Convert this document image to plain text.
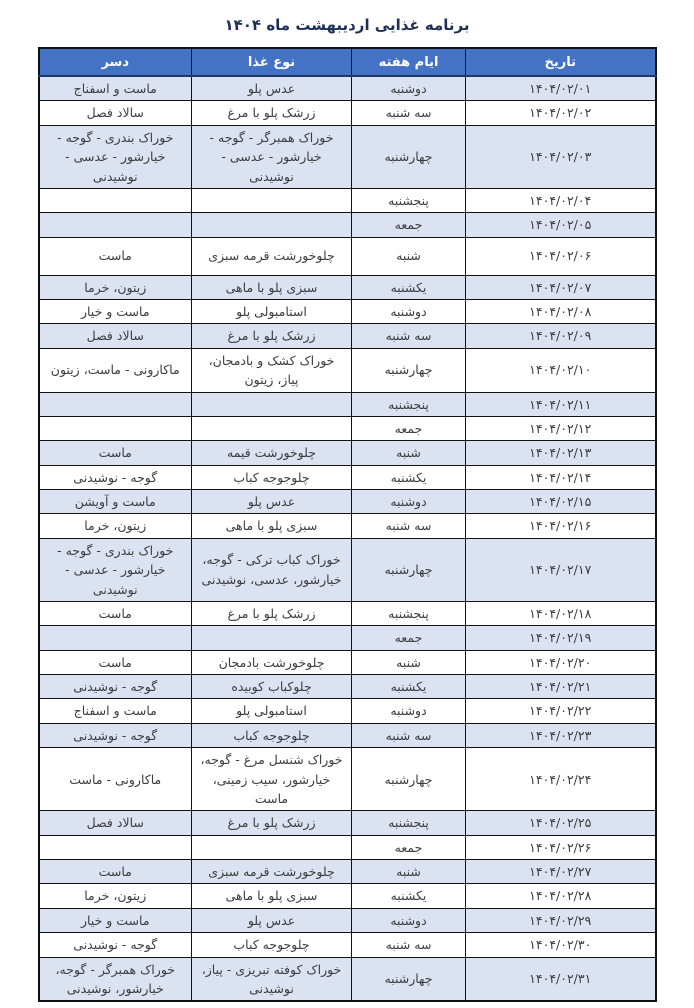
برنامه غذایی اردیبهشت ماه ۱۴۰۴
تاریخ	ایام هفته	نوع غذا	دسر
۱۴۰۴/۰۲/۰۱	دوشنبه	عدس پلو	ماست و اسفناج
۱۴۰۴/۰۲/۰۲	سه شنبه	زرشک پلو با مرغ	سالاد فصل
۱۴۰۴/۰۲/۰۳	چهارشنبه	خوراک همبرگر - گوجه - خیارشور - عدسی - نوشیدنی	خوراک بندری - گوجه - خیارشور - عدسی - نوشیدنی
۱۴۰۴/۰۲/۰۴	پنجشنبه		
۱۴۰۴/۰۲/۰۵	جمعه		
۱۴۰۴/۰۲/۰۶	شنبه	چلوخورشت قرمه سبزی	ماست
۱۴۰۴/۰۲/۰۷	یکشنبه	سبزی پلو با ماهی	زیتون، خرما
۱۴۰۴/۰۲/۰۸	دوشنبه	استامبولی پلو	ماست و خیار
۱۴۰۴/۰۲/۰۹	سه شنبه	زرشک پلو با مرغ	سالاد فصل
۱۴۰۴/۰۲/۱۰	چهارشنبه	خوراک کشک و بادمجان، پیاز، زیتون	ماکارونی - ماست، زیتون
۱۴۰۴/۰۲/۱۱	پنجشنبه		
۱۴۰۴/۰۲/۱۲	جمعه		
۱۴۰۴/۰۲/۱۳	شنبه	چلوخورشت قیمه	ماست
۱۴۰۴/۰۲/۱۴	یکشنبه	چلوجوجه کباب	گوجه - نوشیدنی
۱۴۰۴/۰۲/۱۵	دوشنبه	عدس پلو	ماست و آویشن
۱۴۰۴/۰۲/۱۶	سه شنبه	سبزی پلو با ماهی	زیتون، خرما
۱۴۰۴/۰۲/۱۷	چهارشنبه	خوراک کباب ترکی - گوجه، خیارشور، عدسی، نوشیدنی	خوراک بندری - گوجه - خیارشور - عدسی - نوشیدنی
۱۴۰۴/۰۲/۱۸	پنجشنبه	زرشک پلو با مرغ	ماست
۱۴۰۴/۰۲/۱۹	جمعه		
۱۴۰۴/۰۲/۲۰	شنبه	چلوخورشت بادمجان	ماست
۱۴۰۴/۰۲/۲۱	یکشنبه	چلوکباب کوبیده	گوجه - نوشیدنی
۱۴۰۴/۰۲/۲۲	دوشنبه	استامبولی پلو	ماست و اسفناج
۱۴۰۴/۰۲/۲۳	سه شنبه	چلوجوجه کباب	گوجه - نوشیدنی
۱۴۰۴/۰۲/۲۴	چهارشنبه	خوراک شنسل مرغ - گوجه، خیارشور، سیب زمینی، ماست	ماکارونی - ماست
۱۴۰۴/۰۲/۲۵	پنجشنبه	زرشک پلو با مرغ	سالاد فصل
۱۴۰۴/۰۲/۲۶	جمعه		
۱۴۰۴/۰۲/۲۷	شنبه	چلوخورشت قرمه سبزی	ماست
۱۴۰۴/۰۲/۲۸	یکشنبه	سبزی پلو با ماهی	زیتون، خرما
۱۴۰۴/۰۲/۲۹	دوشنبه	عدس پلو	ماست و خیار
۱۴۰۴/۰۲/۳۰	سه شنبه	چلوجوجه کباب	گوجه - نوشیدنی
۱۴۰۴/۰۲/۳۱	چهارشنبه	خوراک کوفته تبریزی - پیاز، نوشیدنی	خوراک همبرگر - گوجه، خیارشور، نوشیدنی
